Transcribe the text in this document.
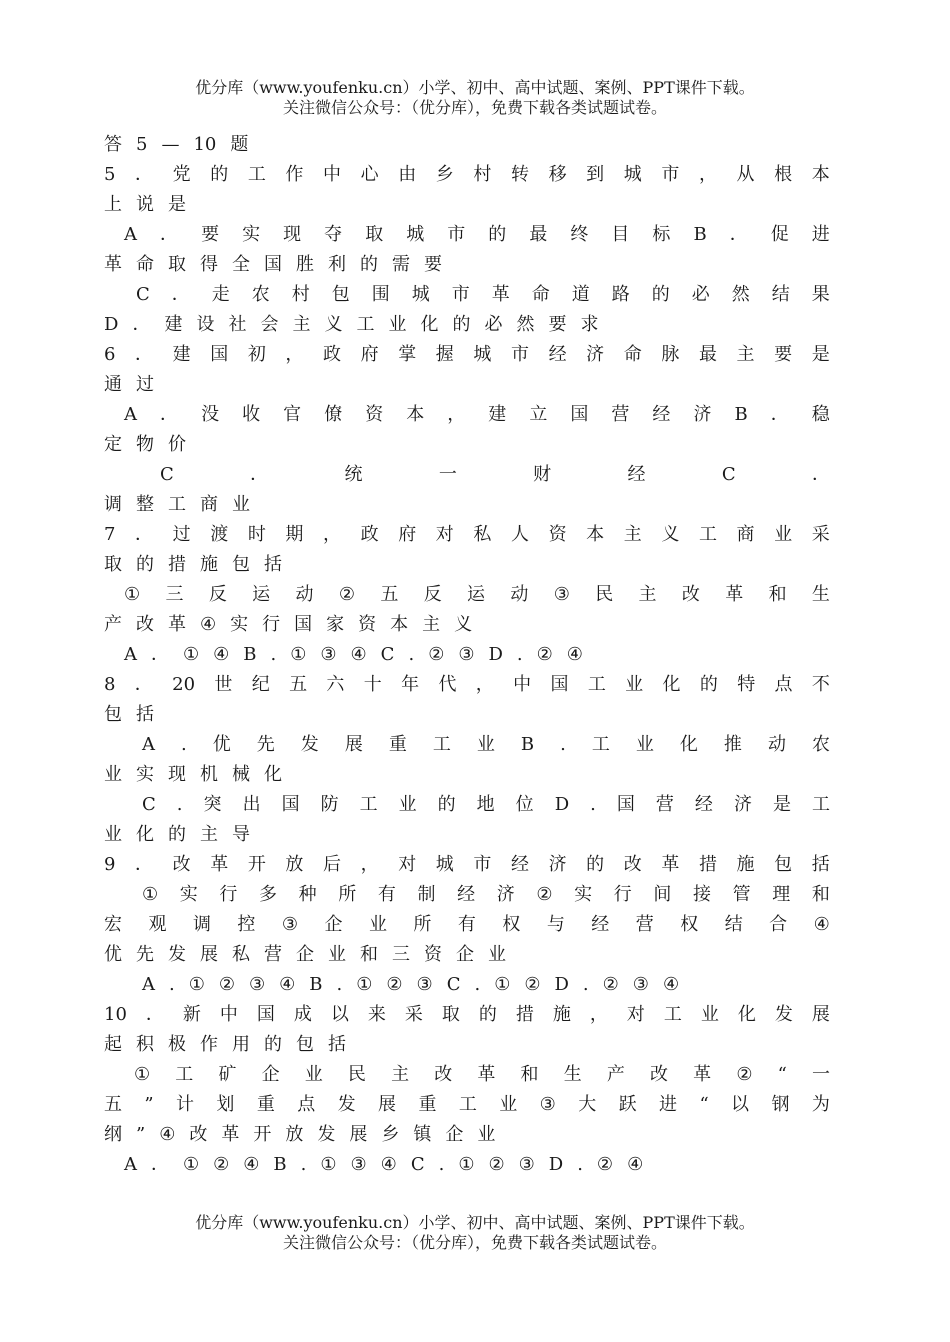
优分库（www.youfenku.cn）小学、初中、高中试题、案例、PPT课件下载。
关注微信公众号：（优分库），免费下载各类试题试卷。
答 5 — 10 题
5 ． 党 的 工 作 中 心 由 乡 村 转 移 到 城 市 ， 从 根 本
上 说 是
A ． 要 实 现 夺 取 城 市 的 最 终 目 标 B ． 促 进
革 命 取 得 全 国 胜 利 的 需 要
C ． 走 农 村 包 围 城 市 革 命 道 路 的 必 然 结 果
D ． 建 设 社 会 主 义 工 业 化 的 必 然 要 求
6 ． 建 国 初 ， 政 府 掌 握 城 市 经 济 命 脉 最 主 要 是
通 过
A ． 没 收 官 僚 资 本 ， 建 立 国 营 经 济 B ． 稳
定 物 价
C	．	统	一	财	经	C	．
调 整 工 商 业
7 ． 过 渡 时 期 ， 政 府 对 私 人 资 本 主 义 工 商 业 采
取 的 措 施 包 括
① 三 反 运 动 ② 五 反 运 动 ③ 民 主 改 革 和 生
产 改 革 ④ 实 行 国 家 资 本 主 义
A ． ① ④ B . ① ③ ④ C . ② ③ D . ② ④
8 ． 20 世 纪 五 六 十 年 代 ， 中 国 工 业 化 的 特 点 不
包 括
A . 优 先 发 展 重 工 业 B . 工 业 化 推 动 农
业 实 现 机 械 化
C . 突 出 国 防 工 业 的 地 位 D . 国 营 经 济 是 工
业 化 的 主 导
9 ． 改 革 开 放 后 ， 对 城 市 经 济 的 改 革 措 施 包 括
① 实 行 多 种 所 有 制 经 济 ② 实 行 间 接 管 理 和
宏 观 调 控 ③ 企 业 所 有 权 与 经 营 权 结 合 ④
优 先 发 展 私 营 企 业 和 三 资 企 业
A . ① ② ③ ④ B . ① ② ③ C . ① ② D . ② ③ ④
10 ． 新 中 国 成 以 来 采 取 的 措 施 ， 对 工 业 化 发 展
起 积 极 作 用 的 包 括
① 工 矿 企 业 民 主 改 革 和 生 产 改 革 ② “ 一
五 ” 计 划 重 点 发 展 重 工 业 ③ 大 跃 进 “ 以 钢 为
纲 ” ④ 改 革 开 放 发 展 乡 镇 企 业
A ． ① ② ④ B . ① ③ ④ C . ① ② ③ D . ② ④
优分库（www.youfenku.cn）小学、初中、高中试题、案例、PPT课件下载。
关注微信公众号：（优分库），免费下载各类试题试卷。
